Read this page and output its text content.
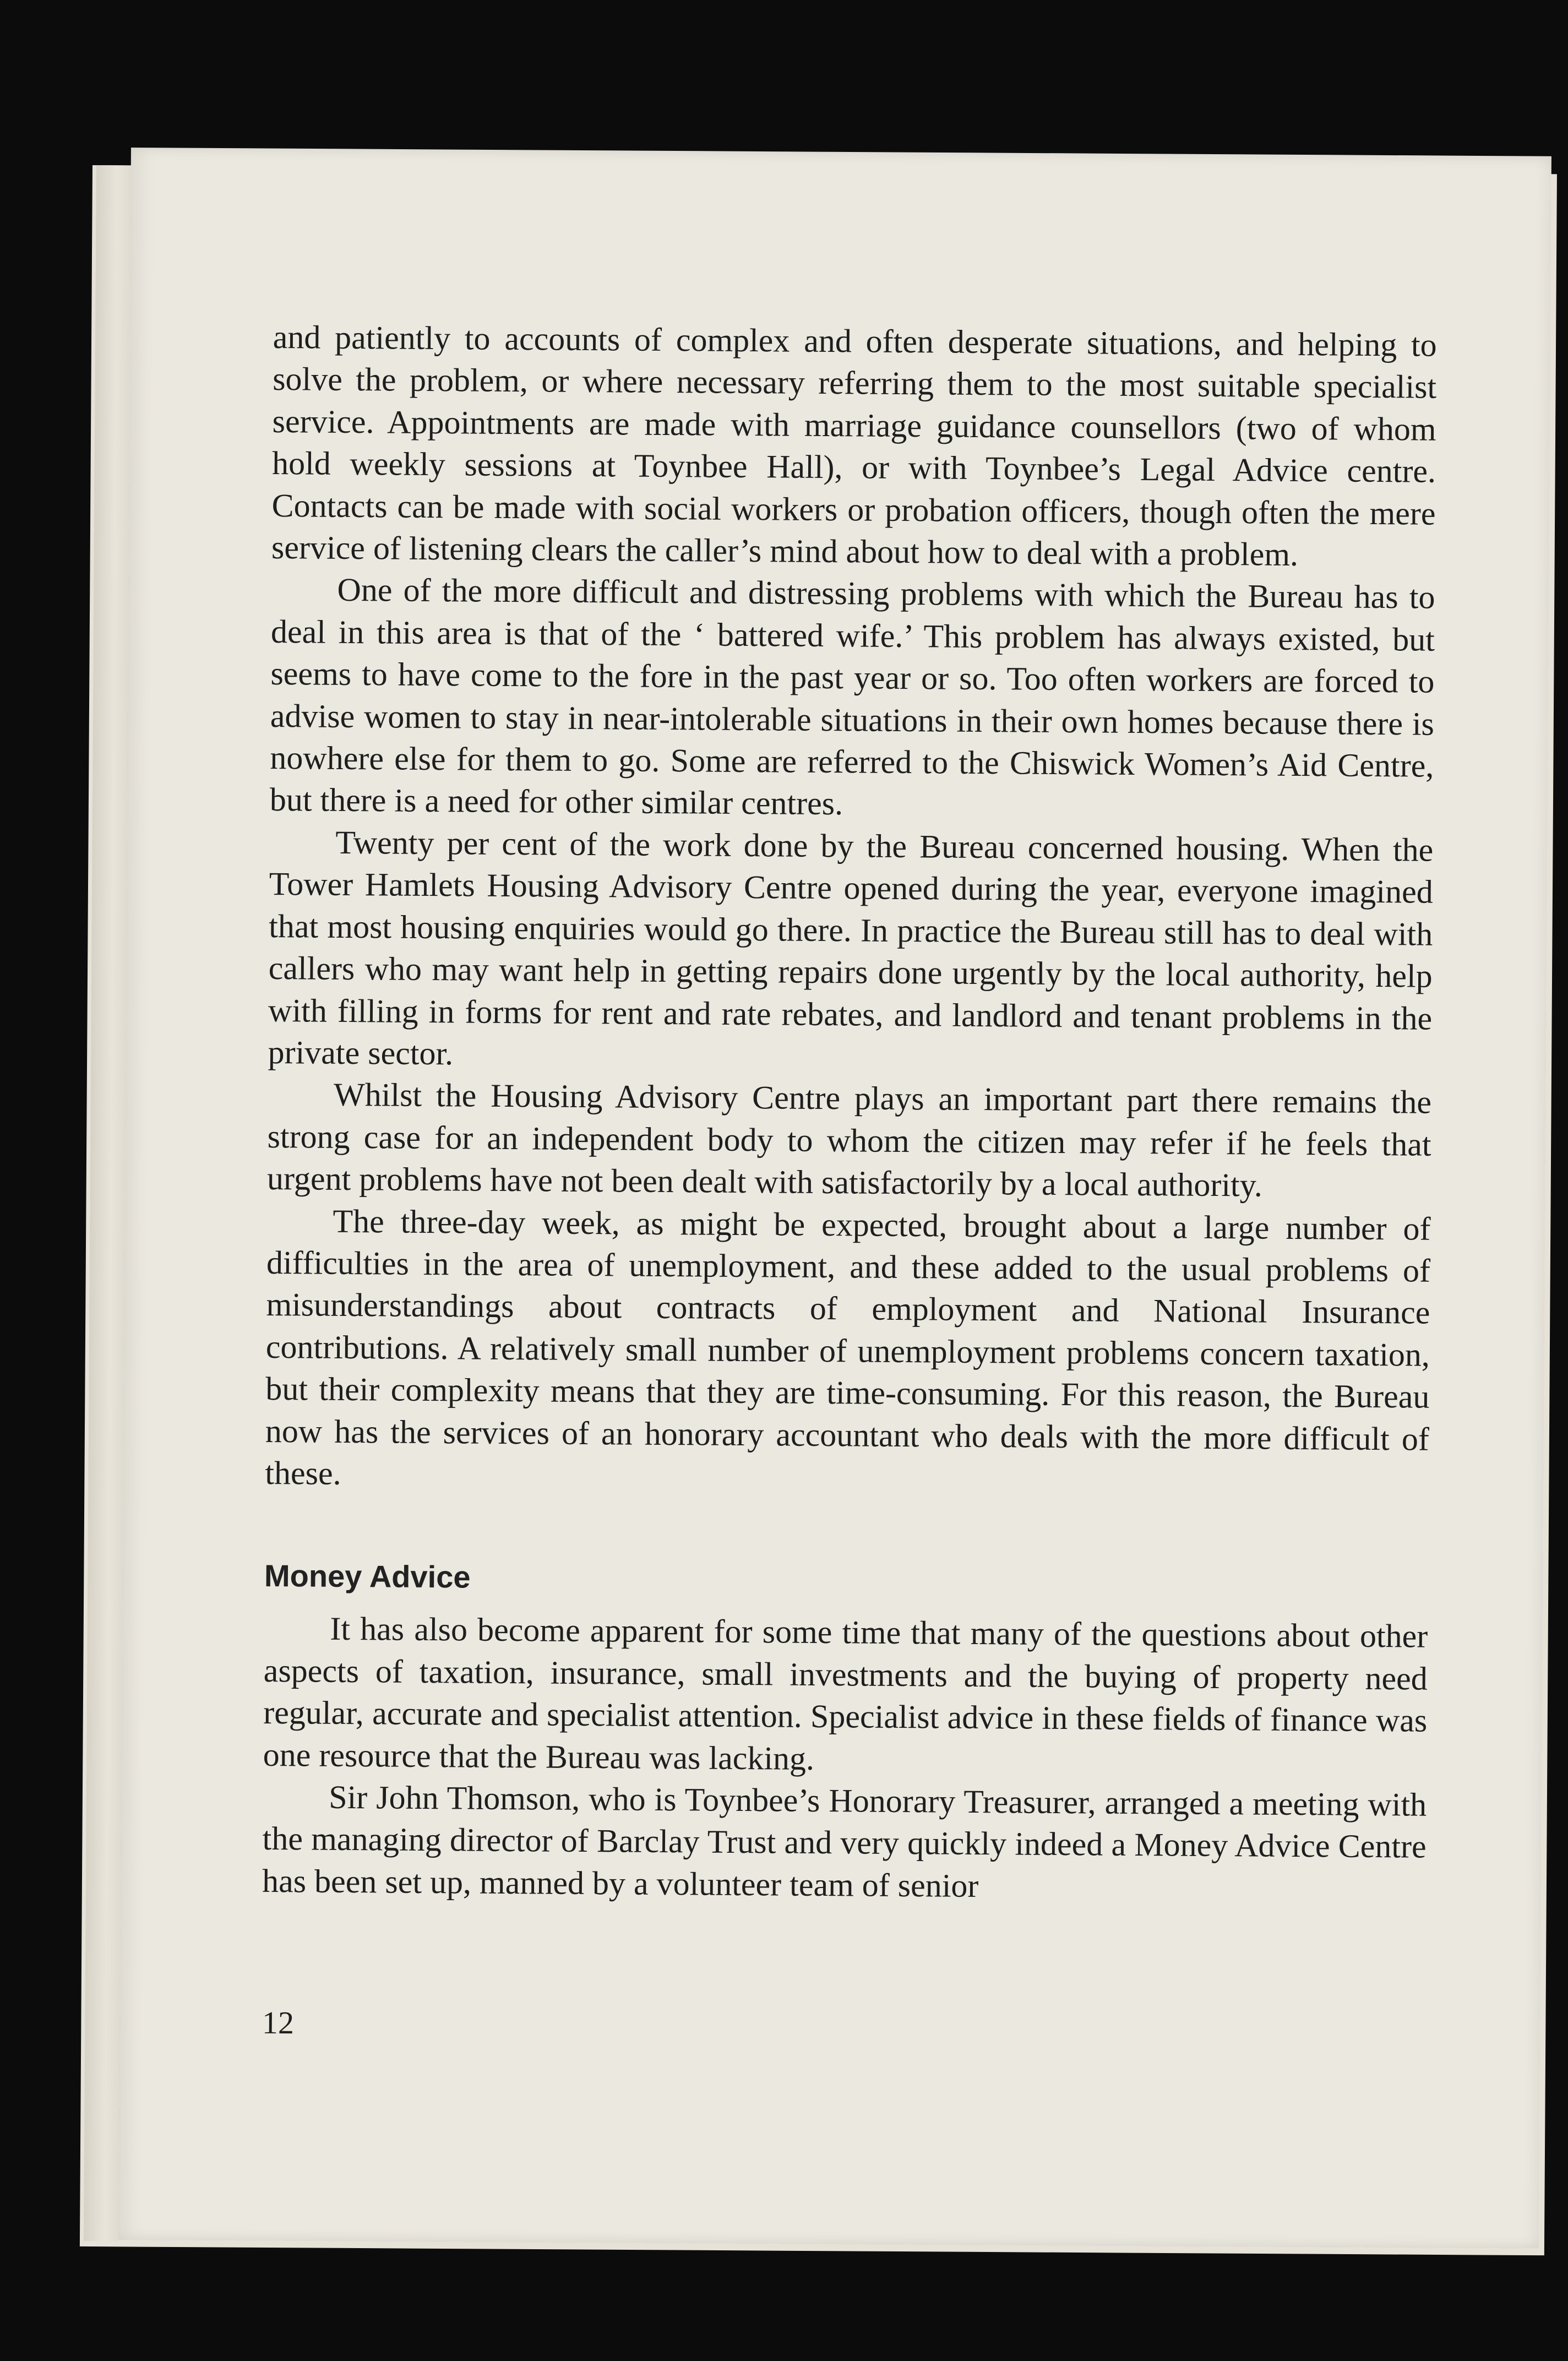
and patiently to accounts of complex and often desperate situations, and helping to solve the problem, or where necessary referring them to the most suitable specialist service. Appointments are made with marriage guidance counsellors (two of whom hold weekly sessions at Toynbee Hall), or with Toynbee’s Legal Advice centre. Contacts can be made with social workers or probation officers, though often the mere service of listening clears the caller’s mind about how to deal with a problem.

One of the more difficult and distressing problems with which the Bureau has to deal in this area is that of the ‘ battered wife.’ This problem has always existed, but seems to have come to the fore in the past year or so. Too often workers are forced to advise women to stay in near-intolerable situations in their own homes because there is nowhere else for them to go. Some are referred to the Chiswick Women’s Aid Centre, but there is a need for other similar centres.

Twenty per cent of the work done by the Bureau concerned housing. When the Tower Hamlets Housing Advisory Centre opened during the year, everyone imagined that most housing enquiries would go there. In practice the Bureau still has to deal with callers who may want help in getting repairs done urgently by the local authority, help with filling in forms for rent and rate rebates, and landlord and tenant problems in the private sector.

Whilst the Housing Advisory Centre plays an important part there remains the strong case for an independent body to whom the citizen may refer if he feels that urgent problems have not been dealt with satisfactorily by a local authority.

The three-day week, as might be expected, brought about a large number of difficulties in the area of unemployment, and these added to the usual problems of misunderstandings about contracts of employment and National Insurance contributions. A relatively small number of unemployment problems concern taxation, but their complexity means that they are time-consuming. For this reason, the Bureau now has the services of an honorary accountant who deals with the more difficult of these.

Money Advice

It has also become apparent for some time that many of the questions about other aspects of taxation, insurance, small investments and the buying of property need regular, accurate and specialist attention. Specialist advice in these fields of finance was one resource that the Bureau was lacking.

Sir John Thomson, who is Toynbee’s Honorary Treasurer, arranged a meeting with the managing director of Barclay Trust and very quickly indeed a Money Advice Centre has been set up, manned by a volunteer team of senior

12
